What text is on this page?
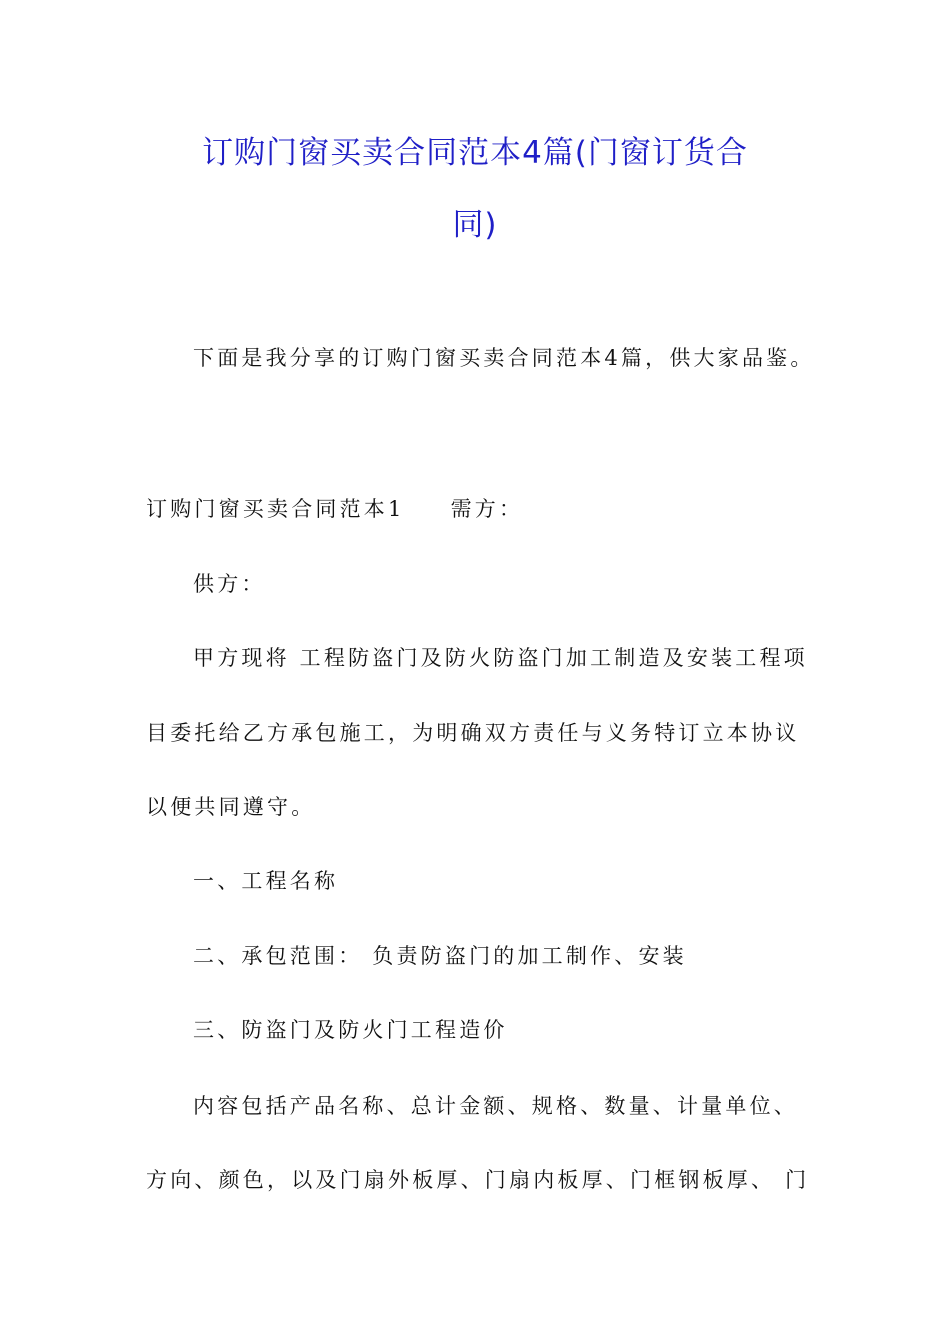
订购门窗买卖合同范本4篇(门窗订货合
同)
下面是我分享的订购门窗买卖合同范本4篇，供大家品鉴。
订购门窗买卖合同范本1 需方：
供方：
甲方现将 工程防盗门及防火防盗门加工制造及安装工程项
目委托给乙方承包施工，为明确双方责任与义务特订立本协议
以便共同遵守。
一、工程名称
二、承包范围： 负责防盗门的加工制作、安装
三、防盗门及防火门工程造价
内容包括产品名称、总计金额、规格、数量、计量单位、
方向、颜色，以及门扇外板厚、门扇内板厚、门框钢板厚、 门
